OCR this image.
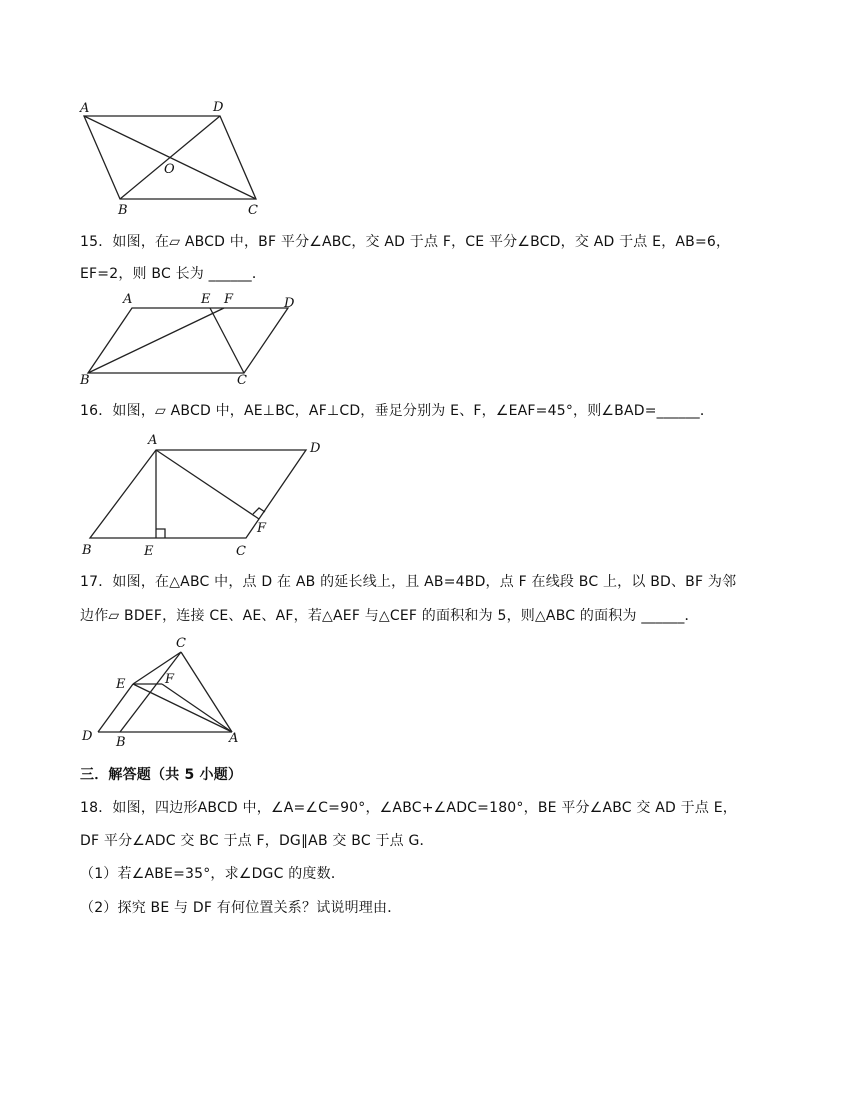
A	D
O
B	C
15．如图，在▱ ABCD 中，BF 平分∠ABC，交 AD 于点 F，CE 平分∠BCD，交 AD 于点 E，AB=6，
EF=2，则 BC 长为 ______．
A	E F	D
B	C
16．如图，▱ ABCD 中，AE⊥BC，AF⊥CD，垂足分别为 E、F，∠EAF=45°，则∠BAD=______．
A
D
F
B	E	C
17．如图，在△ABC 中，点 D 在 AB 的延长线上，且 AB=4BD，点 F 在线段 BC 上，以 BD、BF 为邻
边作▱ BDEF，连接 CE、AE、AF，若△AEF 与△CEF 的面积和为 5，则△ABC 的面积为 ______．
C
E	F
D B	A
三．解答题（共 5 小题）
18．如图，四边形ABCD 中，∠A=∠C=90°，∠ABC+∠ADC=180°，BE 平分∠ABC 交 AD 于点 E，
DF 平分∠ADC 交 BC 于点 F，DG∥AB 交 BC 于点 G．
（1）若∠ABE=35°，求∠DGC 的度数．
（2）探究 BE 与 DF 有何位置关系？试说明理由．
